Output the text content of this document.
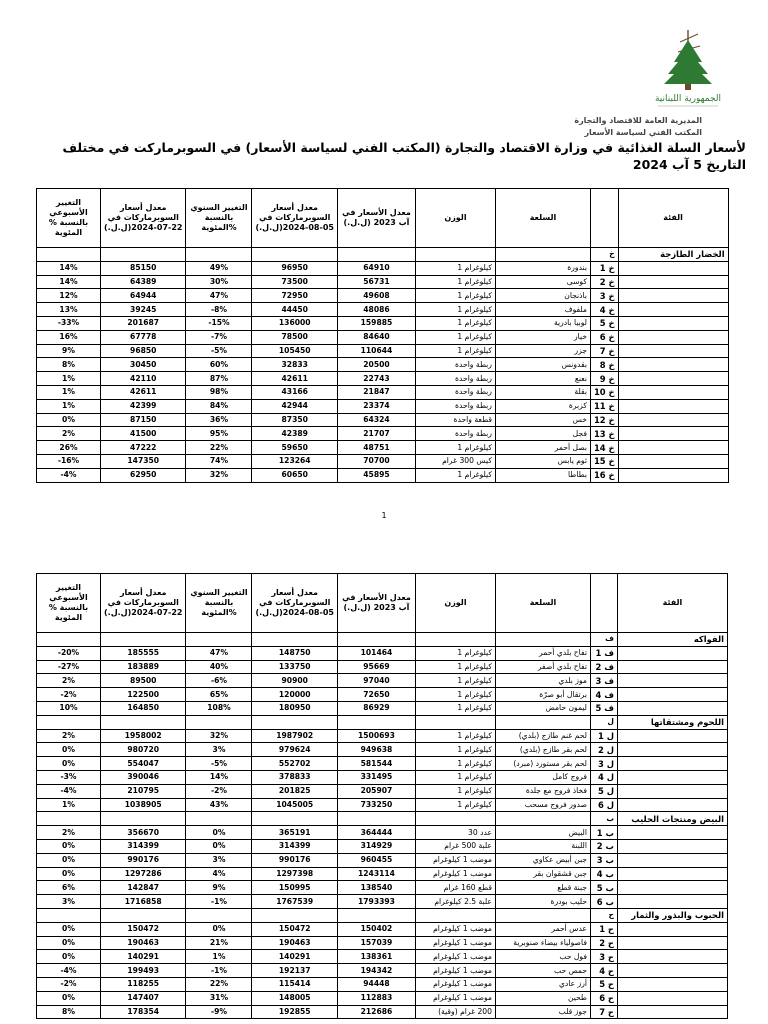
الجمهورية اللبنانية
المديرية العامة للاقتصاد والتجارة
المكتب الفني لسياسة الأسعار
لأسعار السلة الغذائية في وزارة الاقتصاد والتجارة (المكتب الفني لسياسة الأسعار) في السوبرماركت في مختلف
التاريخ 5 آب 2024
التغيير الأسبوعي بالنسبة % المئوية	معدل أسعار السوبرماركات في 22-07-2024(ل.ل.)	التغيير السنوي بالنسبة %المئوية	معدل أسعار السوبرماركات في 05-08-2024(ل.ل.)	معدل الأسعار في آب 2023 (ل.ل.)	الوزن	السلعة		الفئة
							خ	الخضار الطازجة
14%	85150	49%	96950	64910	كيلوغرام 1	بندورة	خ 1	
14%	64389	30%	73500	56731	كيلوغرام 1	كوسى	خ 2	
12%	64944	47%	72950	49608	كيلوغرام 1	باذنجان	خ 3	
13%	39245	-8%	44450	48086	كيلوغرام 1	ملفوف	خ 4	
-33%	201687	-15%	136000	159885	كيلوغرام 1	لوبيا بادرية	خ 5	
16%	67778	-7%	78500	84640	كيلوغرام 1	خيار	خ 6	
9%	96850	-5%	105450	110644	كيلوغرام 1	جزر	خ 7	
8%	30450	60%	32833	20500	ربطة واحدة	بقدونس	خ 8	
1%	42110	87%	42611	22743	ربطة واحدة	نعنع	خ 9	
1%	42611	98%	43166	21847	ربطة واحدة	بقلة	خ 10	
1%	42399	84%	42944	23374	ربطة واحدة	كزبرة	خ 11	
0%	87150	36%	87350	64324	قطعة واحدة	خس	خ 12	
2%	41500	95%	42389	21707	ربطة واحدة	فجل	خ 13	
26%	47222	22%	59650	48751	كيلوغرام 1	بصل أحمر	خ 14	
-16%	147350	74%	123264	70700	كيس 300 غرام	ثوم يابس	خ 15	
-4%	62950	32%	60650	45895	كيلوغرام 1	بطاطا	خ 16	
1
التغيير الأسبوعي بالنسبة % المئوية	معدل أسعار السوبرماركات في 22-07-2024(ل.ل.)	التغيير السنوي بالنسبة %المئوية	معدل أسعار السوبرماركات في 05-08-2024(ل.ل.)	معدل الأسعار في آب 2023 (ل.ل.)	الوزن	السلعة		الفئة
							ف	الفواكه
-20%	185555	47%	148750	101464	كيلوغرام 1	تفاح بلدي أحمر	ف 1	
-27%	183889	40%	133750	95669	كيلوغرام 1	تفاح بلدي أصفر	ف 2	
2%	89500	-6%	90900	97040	كيلوغرام 1	موز بلدي	ف 3	
-2%	122500	65%	120000	72650	كيلوغرام 1	برتقال أبو صرّة	ف 4	
10%	164850	108%	180950	86929	كيلوغرام 1	ليمون حامض	ف 5	
							ل	اللحوم ومشتقاتها
2%	1958002	32%	1987902	1500693	كيلوغرام 1	لحم غنم طازج (بلدي)	ل 1	
0%	980720	3%	979624	949638	كيلوغرام 1	لحم بقر طازج (بلدي)	ل 2	
0%	554047	-5%	552702	581544	كيلوغرام 1	لحم بقر مستورد (مبرد)	ل 3	
-3%	390046	14%	378833	331495	كيلوغرام 1	فروج كامل	ل 4	
-4%	210795	-2%	201825	205907	كيلوغرام 1	فخاذ فروج مع جلدة	ل 5	
1%	1038905	43%	1045005	733250	كيلوغرام 1	صدور فروج مسحب	ل 6	
							ب	البيض ومنتجات الحليب
2%	356670	0%	365191	364444	عدد 30	البيض	ب 1	
0%	314399	0%	314399	314929	علبة 500 غرام	اللبنة	ب 2	
0%	990176	3%	990176	960455	موضب 1 كيلوغرام	جبن أبيض عكاوي	ب 3	
0%	1297286	4%	1297398	1243114	موضب 1 كيلوغرام	جبن قشقوان بقر	ب 4	
6%	142847	9%	150995	138540	قطع 160 غرام	جبنة قطع	ب 5	
3%	1716858	-1%	1767539	1793393	علبة 2.5 كيلوغرام	حليب بودرة	ب 6	
							ح	الحبوب والبذور والثمار
0%	150472	0%	150472	150402	موضب 1 كيلوغرام	عدس أحمر	ح 1	
0%	190463	21%	190463	157039	موضب 1 كيلوغرام	فاصولياء بيضاء صنوبرية	ح 2	
0%	140291	1%	140291	138361	موضب 1 كيلوغرام	فول حب	ح 3	
-4%	199493	-1%	192137	194342	موضب 1 كيلوغرام	حمص حب	ح 4	
-2%	118255	22%	115414	94448	موضب 1 كيلوغرام	أرز عادي	ح 5	
0%	147407	31%	148005	112883	موضب 1 كيلوغرام	طحين	ح 6	
8%	178354	-9%	192855	212686	200 غرام (وقية)	جوز قلب	ح 7	
